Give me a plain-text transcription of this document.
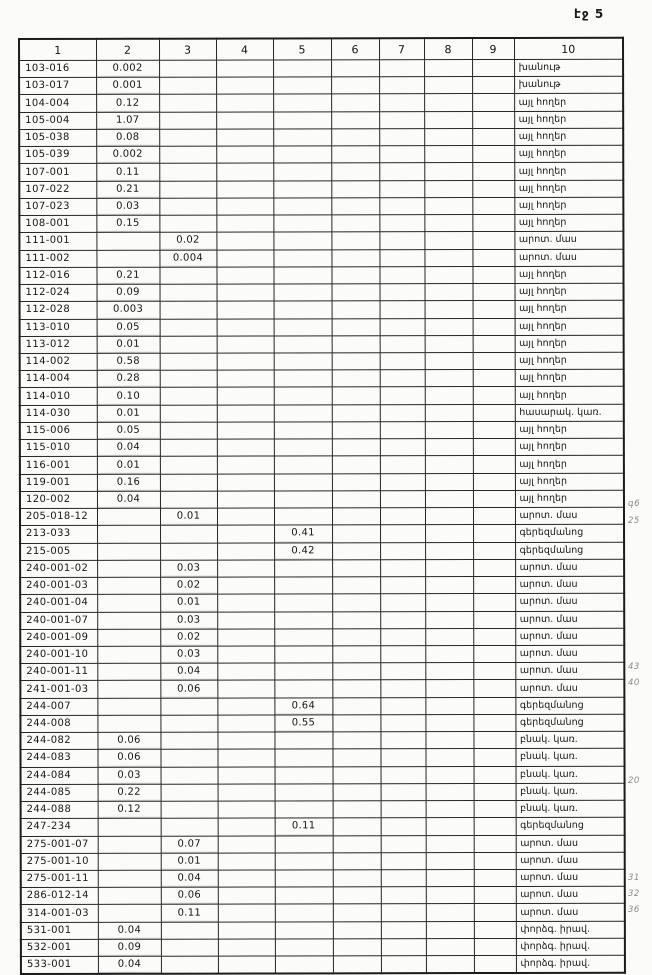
էջ 5
1	2	3	4	5	6	7	8	9	10
103-016	0.002								խանութ
103-017	0.001								խանութ
104-004	0.12								այլ հողեր
105-004	1.07								այլ հողեր
105-038	0.08								այլ հողեր
105-039	0.002								այլ հողեր
107-001	0.11								այլ հողեր
107-022	0.21								այլ հողեր
107-023	0.03								այլ հողեր
108-001	0.15								այլ հողեր
111-001		0.02							արոտ. մաս
111-002		0.004							արոտ. մաս
112-016	0.21								այլ հողեր
112-024	0.09								այլ հողեր
112-028	0.003								այլ հողեր
113-010	0.05								այլ հողեր
113-012	0.01								այլ հողեր
114-002	0.58								այլ հողեր
114-004	0.28								այլ հողեր
114-010	0.10								այլ հողեր
114-030	0.01								հասարակ. կառ.
115-006	0.05								այլ հողեր
115-010	0.04								այլ հողեր
116-001	0.01								այլ հողեր
119-001	0.16								այլ հողեր
120-002	0.04								այլ հողեր
205-018-12		0.01							արոտ. մաս
213-033				0.41					գերեզմանոց
215-005				0.42					գերեզմանոց
240-001-02		0.03							արոտ. մաս
240-001-03		0.02							արոտ. մաս
240-001-04		0.01							արոտ. մաս
240-001-07		0.03							արոտ. մաս
240-001-09		0.02							արոտ. մաս
240-001-10		0.03							արոտ. մաս
240-001-11		0.04							արոտ. մաս
241-001-03		0.06							արոտ. մաս
244-007				0.64					գերեզմանոց
244-008				0.55					գերեզմանոց
244-082	0.06								բնակ. կառ.
244-083	0.06								բնակ. կառ.
244-084	0.03								բնակ. կառ.
244-085	0.22								բնակ. կառ.
244-088	0.12								բնակ. կառ.
247-234				0.11					գերեզմանոց
275-001-07		0.07							արոտ. մաս
275-001-10		0.01							արոտ. մաս
275-001-11		0.04							արոտ. մաս
286-012-14		0.06							արոտ. մաս
314-001-03		0.11							արոտ. մաս
531-001	0.04								փորձգ. իրավ.
532-001	0.09								փորձգ. իրավ.
533-001	0.04								փորձգ. իրավ.
գ6
25
43
40
20
31
32
36
